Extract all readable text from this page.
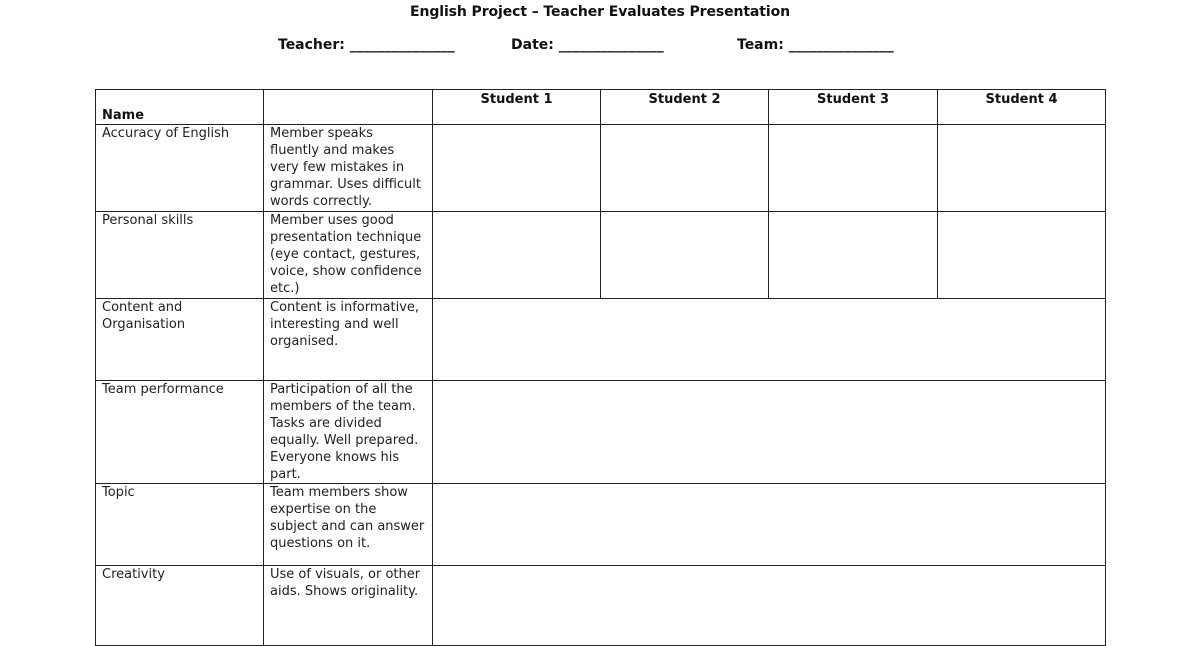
English Project – Teacher Evaluates Presentation
Teacher: _______________	Date: _______________	Team: _______________
Name		Student 1	Student 2	Student 3	Student 4
Accuracy of English	Member speaks fluently and makes very few mistakes in grammar. Uses difficult words correctly.				
Personal skills	Member uses good presentation technique (eye contact, gestures, voice, show confidence etc.)				
Content and Organisation	Content is informative, interesting and well organised.				
Team performance	Participation of all the members of the team. Tasks are divided equally. Well prepared. Everyone knows his part.				
Topic	Team members show expertise on the subject and can answer questions on it.				
Creativity	Use of visuals, or other aids. Shows originality.				
